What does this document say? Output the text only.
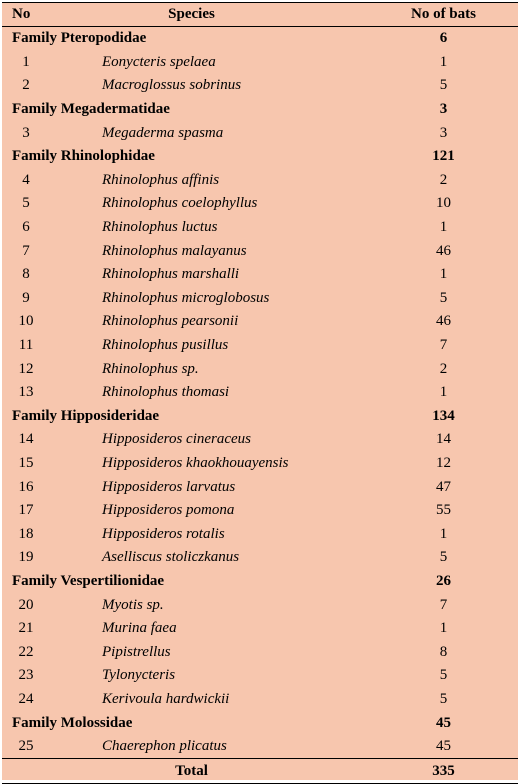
No	Species	No of bats
Family Pteropodidae		6
1	Eonycteris spelaea	1
2	Macroglossus sobrinus	5
Family Megadermatidae		3
3	Megaderma spasma	3
Family Rhinolophidae		121
4	Rhinolophus affinis	2
5	Rhinolophus coelophyllus	10
6	Rhinolophus luctus	1
7	Rhinolophus malayanus	46
8	Rhinolophus marshalli	1
9	Rhinolophus microglobosus	5
10	Rhinolophus pearsonii	46
11	Rhinolophus pusillus	7
12	Rhinolophus sp.	2
13	Rhinolophus thomasi	1
Family Hipposideridae		134
14	Hipposideros cineraceus	14
15	Hipposideros khaokhouayensis	12
16	Hipposideros larvatus	47
17	Hipposideros pomona	55
18	Hipposideros rotalis	1
19	Aselliscus stoliczkanus	5
Family Vespertilionidae		26
20	Myotis sp.	7
21	Murina faea	1
22	Pipistrellus	8
23	Tylonycteris	5
24	Kerivoula hardwickii	5
Family Molossidae		45
25	Chaerephon plicatus	45
	Total	335
